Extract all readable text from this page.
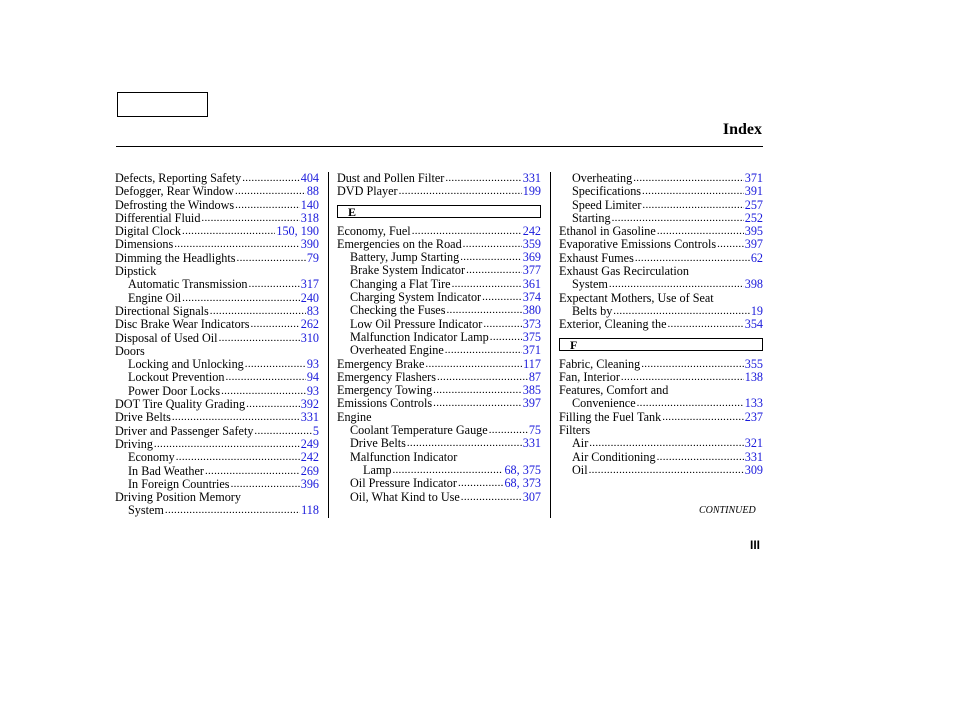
Index
Defects, Reporting Safety .....	404
Defogger, Rear Window .....	88
Defrosting the Windows .....	140
Differential Fluid .....	318
Digital Clock .....	150, 190
Dimensions .....	390
Dimming the Headlights .....	79
Dipstick
Automatic Transmission .....	317
Engine Oil .....	240
Directional Signals .....	83
Disc Brake Wear Indicators .....	262
Disposal of Used Oil .....	310
Doors
Locking and Unlocking .....	93
Lockout Prevention .....	94
Power Door Locks .....	93
DOT Tire Quality Grading .....	392
Drive Belts .....	331
Driver and Passenger Safety .....	5
Driving .....	249
Economy .....	242
In Bad Weather .....	269
In Foreign Countries .....	396
Driving Position Memory
System .....	118
Dust and Pollen Filter .....	331
DVD Player .....	199
E
Economy, Fuel .....	242
Emergencies on the Road .....	359
Battery, Jump Starting .....	369
Brake System Indicator .....	377
Changing a Flat Tire .....	361
Charging System Indicator .....	374
Checking the Fuses .....	380
Low Oil Pressure Indicator .....	373
Malfunction Indicator Lamp .....	375
Overheated Engine .....	371
Emergency Brake .....	117
Emergency Flashers .....	87
Emergency Towing .....	385
Emissions Controls .....	397
Engine
Coolant Temperature Gauge .....	75
Drive Belts .....	331
Malfunction Indicator
Lamp .....	68, 375
Oil Pressure Indicator .....	68, 373
Oil, What Kind to Use .....	307
Overheating .....	371
Specifications .....	391
Speed Limiter .....	257
Starting .....	252
Ethanol in Gasoline .....	395
Evaporative Emissions Controls ..... 397
Exhaust Fumes .....	62
Exhaust Gas Recirculation
System .....	398
Expectant Mothers, Use of Seat
Belts by .....	19
Exterior, Cleaning the .....	354
F
Fabric, Cleaning .....	355
Fan, Interior .....	138
Features, Comfort and
Convenience .....	133
Filling the Fuel Tank .....	237
Filters
Air .....	321
Air Conditioning .....	331
Oil .....	309
CONTINUED
III
